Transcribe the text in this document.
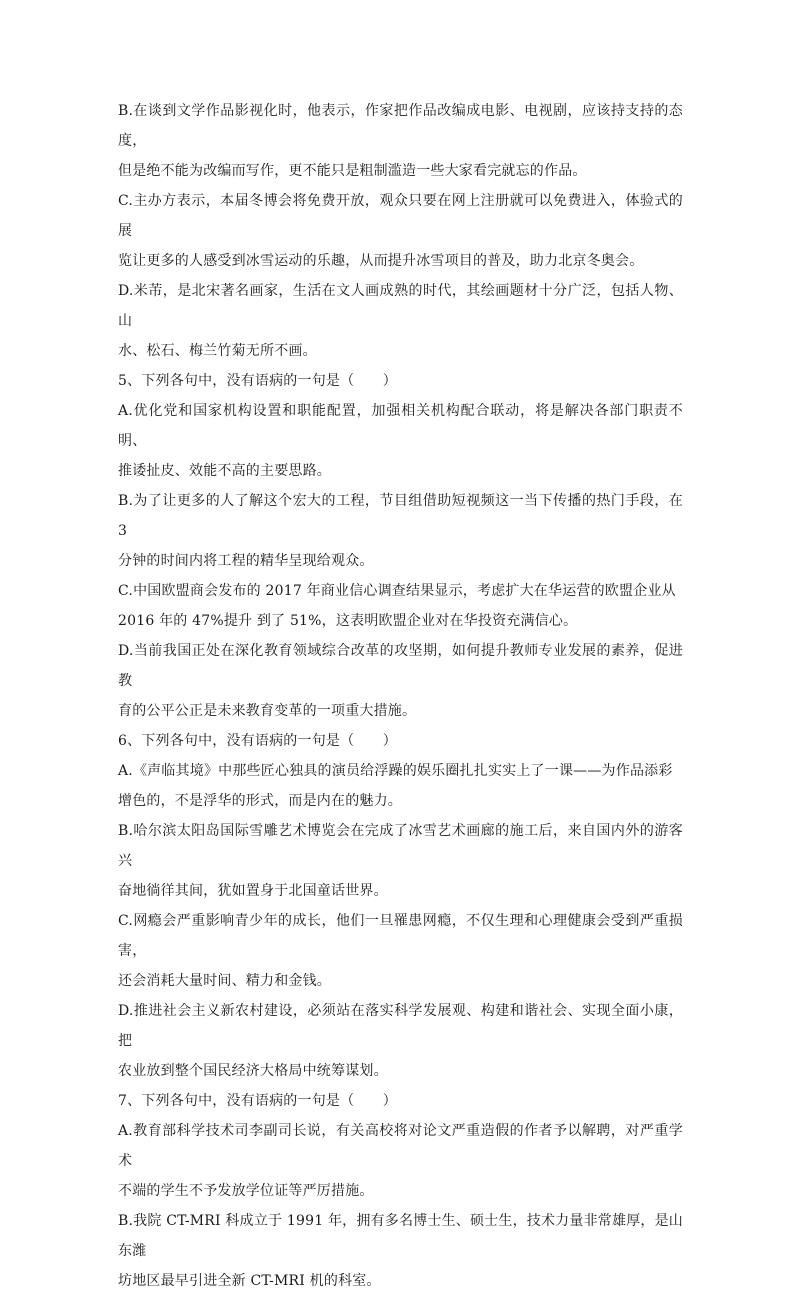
B.在谈到文学作品影视化时，他表示，作家把作品改编成电影、电视剧，应该持支持的态度，

但是绝不能为改编而写作，更不能只是粗制滥造一些大家看完就忘的作品。

C.主办方表示，本届冬博会将免费开放，观众只要在网上注册就可以免费进入，体验式的展

览让更多的人感受到冰雪运动的乐趣，从而提升冰雪项目的普及，助力北京冬奥会。

D.米芾，是北宋著名画家，生活在文人画成熟的时代，其绘画题材十分广泛，包括人物、山

水、松石、梅兰竹菊无所不画。

5、下列各句中，没有语病的一句是（　　）

A.优化党和国家机构设置和职能配置，加强相关机构配合联动，将是解决各部门职责不明、

推诿扯皮、效能不高的主要思路。

B.为了让更多的人了解这个宏大的工程，节目组借助短视频这一当下传播的热门手段，在 3

分钟的时间内将工程的精华呈现给观众。

C.中国欧盟商会发布的 2017 年商业信心调查结果显示，考虑扩大在华运营的欧盟企业从

2016 年的 47%提升 到了 51%，这表明欧盟企业对在华投资充满信心。

D.当前我国正处在深化教育领域综合改革的攻坚期，如何提升教师专业发展的素养，促进教

育的公平公正是未来教育变革的一项重大措施。

6、下列各句中，没有语病的一句是（　　）

A.《声临其境》中那些匠心独具的演员给浮躁的娱乐圈扎扎实实上了一课——为作品添彩

增色的，不是浮华的形式，而是内在的魅力。

B.哈尔滨太阳岛国际雪雕艺术博览会在完成了冰雪艺术画廊的施工后，来自国内外的游客兴

奋地徜徉其间，犹如置身于北国童话世界。

C.网瘾会严重影响青少年的成长，他们一旦罹患网瘾，不仅生理和心理健康会受到严重损害，

还会消耗大量时间、精力和金钱。

D.推进社会主义新农村建设，必须站在落实科学发展观、构建和谐社会、实现全面小康，把

农业放到整个国民经济大格局中统筹谋划。

7、下列各句中，没有语病的一句是（　　）

A.教育部科学技术司李副司长说，有关高校将对论文严重造假的作者予以解聘，对严重学术

不端的学生不予发放学位证等严厉措施。

B.我院 CT-MRI 科成立于 1991 年，拥有多名博士生、硕士生，技术力量非常雄厚，是山东潍

坊地区最早引进全新 CT-MRI 机的科室。
